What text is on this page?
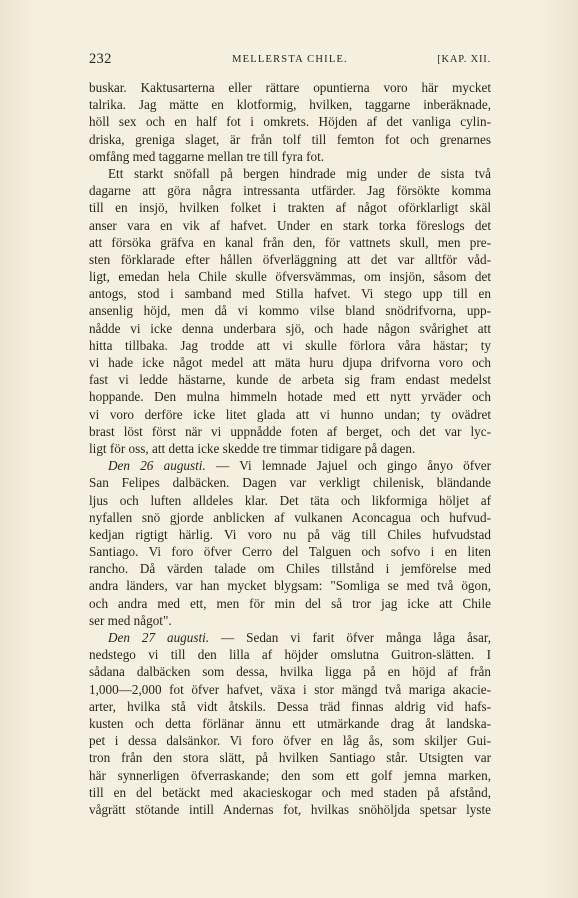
232	MELLERSTA CHILE.	[KAP. XII.
buskar. Kaktusarterna eller rättare opuntierna voro här mycket
talrika. Jag mätte en klotformig, hvilken, taggarne inberäknade,
höll sex och en half fot i omkrets. Höjden af det vanliga cylin-
driska, greniga slaget, är från tolf till femton fot och grenarnes
omfång med taggarne mellan tre till fyra fot.
Ett starkt snöfall på bergen hindrade mig under de sista två
dagarne att göra några intressanta utfärder. Jag försökte komma
till en insjö, hvilken folket i trakten af något oförklarligt skäl
anser vara en vik af hafvet. Under en stark torka föreslogs det
att försöka gräfva en kanal från den, för vattnets skull, men pre-
sten förklarade efter hållen öfverläggning att det var alltför våd-
ligt, emedan hela Chile skulle öfversvämmas, om insjön, såsom det
antogs, stod i samband med Stilla hafvet. Vi stego upp till en
ansenlig höjd, men då vi kommo vilse bland snödrifvorna, upp-
nådde vi icke denna underbara sjö, och hade någon svårighet att
hitta tillbaka. Jag trodde att vi skulle förlora våra hästar; ty
vi hade icke något medel att mäta huru djupa drifvorna voro och
fast vi ledde hästarne, kunde de arbeta sig fram endast medelst
hoppande. Den mulna himmeln hotade med ett nytt yrväder och
vi voro derföre icke litet glada att vi hunno undan; ty ovädret
brast löst först när vi uppnådde foten af berget, och det var lyc-
ligt för oss, att detta icke skedde tre timmar tidigare på dagen.
Den 26 augusti. — Vi lemnade Jajuel och gingo ånyo öfver
San Felipes dalbäcken. Dagen var verkligt chilenisk, bländande
ljus och luften alldeles klar. Det täta och likformiga höljet af
nyfallen snö gjorde anblicken af vulkanen Aconcagua och hufvud-
kedjan rigtigt härlig. Vi voro nu på väg till Chiles hufvudstad
Santiago. Vi foro öfver Cerro del Talguen och sofvo i en liten
rancho. Då värden talade om Chiles tillstånd i jemförelse med
andra länders, var han mycket blygsam: "Somliga se med två ögon,
och andra med ett, men för min del så tror jag icke att Chile
ser med något".
Den 27 augusti. — Sedan vi farit öfver många låga åsar,
nedstego vi till den lilla af höjder omslutna Guitron-slätten. I
sådana dalbäcken som dessa, hvilka ligga på en höjd af från
1,000—2,000 fot öfver hafvet, växa i stor mängd två mariga akacie-
arter, hvilka stå vidt åtskils. Dessa träd finnas aldrig vid hafs-
kusten och detta förlänar ännu ett utmärkande drag åt landska-
pet i dessa dalsänkor. Vi foro öfver en låg ås, som skiljer Gui-
tron från den stora slätt, på hvilken Santiago står. Utsigten var
här synnerligen öfverraskande; den som ett golf jemna marken,
till en del betäckt med akacieskogar och med staden på afstånd,
vågrätt stötande intill Andernas fot, hvilkas snöhöljda spetsar lyste
